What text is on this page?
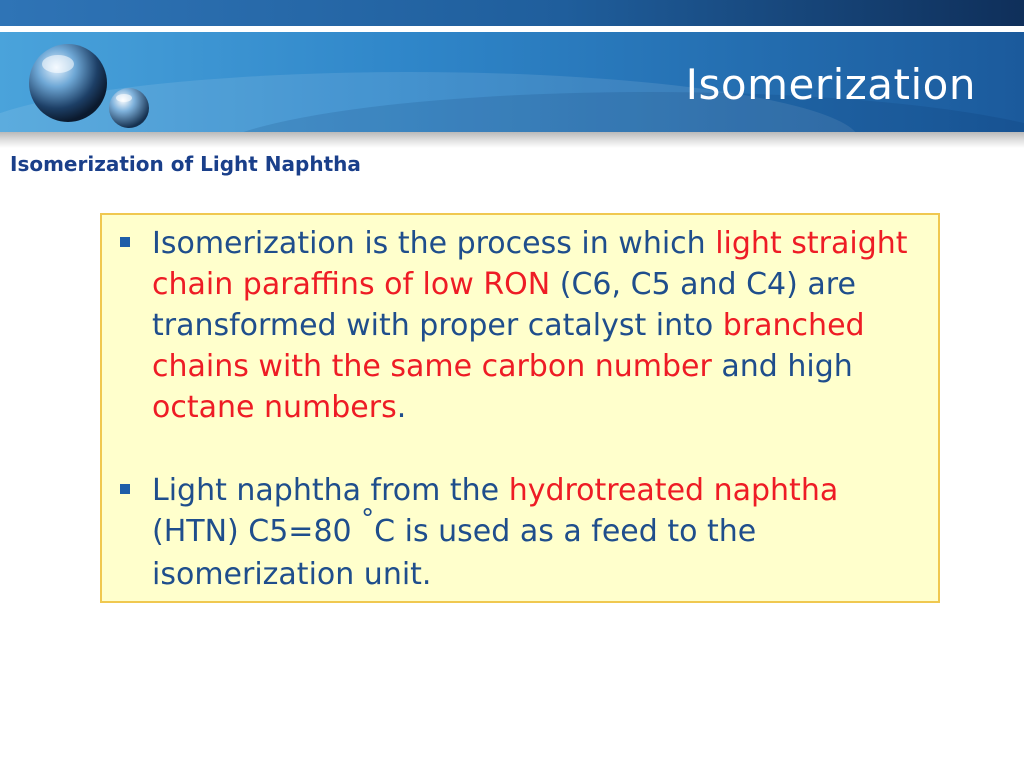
Isomerization
Isomerization of Light Naphtha
Isomerization is the process in which light straight chain paraffins of low RON (C6, C5 and C4) are transformed with proper catalyst into branched chains with the same carbon number and high octane numbers.
Light naphtha from the hydrotreated naphtha (HTN) C5=80 °C is used as a feed to the isomerization unit.
